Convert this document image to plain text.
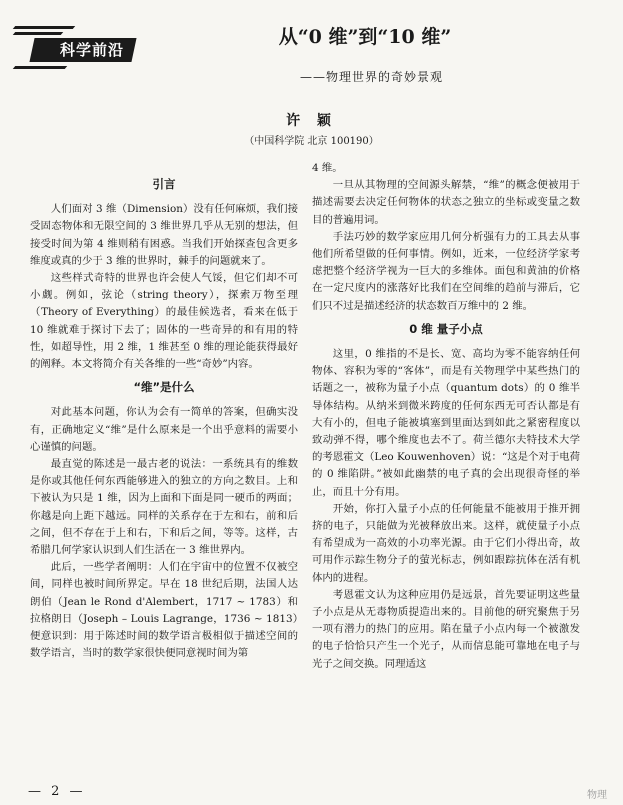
科学前沿
从“0 维”到“10 维”

——物理世界的奇妙景观

许 颖
（中国科学院 北京 100190）
引言

人们面对 3 维（Dimension）没有任何麻烦，我们接受固态物体和无限空间的 3 维世界几乎从无别的想法，但接受时间为第 4 维则稍有困惑。当我们开始探查包含更多维度或真的少于 3 维的世界时，棘手的问题就来了。

这些样式奇特的世界也许会使人气馁，但它们却不可小觑。例如，弦论（string theory），探索万物至理（Theory of Everything）的最佳候选者，看来在低于 10 维就难于探讨下去了；固体的一些奇异的和有用的特性，如超导性，用 2 维，1 维甚至 0 维的理论能获得最好的阐释。本文将简介有关各维的一些“奇妙”内容。

“维”是什么

对此基本问题，你认为会有一简单的答案，但确实没有，正确地定义“维”是什么原来是一个出乎意料的需要小心谨慎的问题。

最直觉的陈述是一最古老的说法：一系统具有的维数是你或其他任何东西能够进入的独立的方向之数目。上和下被认为只是 1 维，因为上面和下面是同一硬币的两面；你越是向上距下越远。同样的关系存在于左和右，前和后之间，但不存在于上和右，下和后之间，等等。这样，古希腊几何学家认识到人们生活在一 3 维世界内。

此后，一些学者阐明：人们在宇宙中的位置不仅被空间，同样也被时间所界定。早在 18 世纪后期，法国人达朗伯（Jean le Rond d'Alembert，1717 ~ 1783）和拉格朗日（Joseph – Louis Lagrange，1736 ~ 1813）便意识到：用于陈述时间的数学语言极相似于描述空间的数学语言，当时的数学家很快便同意视时间为第

4 维。

一旦从其物理的空间源头解禁，“维”的概念便被用于描述需要去决定任何物体的状态之独立的坐标或变量之数目的普遍用词。

手法巧妙的数学家应用几何分析强有力的工具去从事他们所希望做的任何事情。例如，近来，一位经济学家考虑把整个经济学视为一巨大的多维体。面包和黄油的价格在一定尺度内的涨落好比我们在空间维的趋前与滞后，它们只不过是描述经济的状态数百万维中的 2 维。

0 维 量子小点

这里，0 维指的不是长、宽、高均为零不能容纳任何物体、容积为零的“客体”，而是有关物理学中某些热门的话题之一，被称为量子小点（quantum dots）的 0 维半导体结构。从纳米到微米跨度的任何东西无可否认都是有大有小的，但电子能被填塞到里面达到如此之紧密程度以致动弹不得，哪个维度也去不了。荷兰德尔夫特技术大学的考恩霍文（Leo Kouwenhoven）说：“这是个对于电荷的 0 维陷阱。”被如此幽禁的电子真的会出现很奇怪的举止，而且十分有用。

开始，你打入量子小点的任何能量不能被用于推开拥挤的电子，只能做为光被释放出来。这样，就使量子小点有希望成为一高效的小功率光源。由于它们小得出奇，故可用作示踪生物分子的萤光标志，例如跟踪抗体在活有机体内的进程。

考恩霍文认为这种应用仍是远景，首先要证明这些量子小点是从无毒物质提造出来的。目前他的研究聚焦于另一项有潜力的热门的应用。陷在量子小点内每一个被激发的电子恰恰只产生一个光子，从而信息能可靠地在电子与光子之间交换。同理适这

— 2 —	物理
